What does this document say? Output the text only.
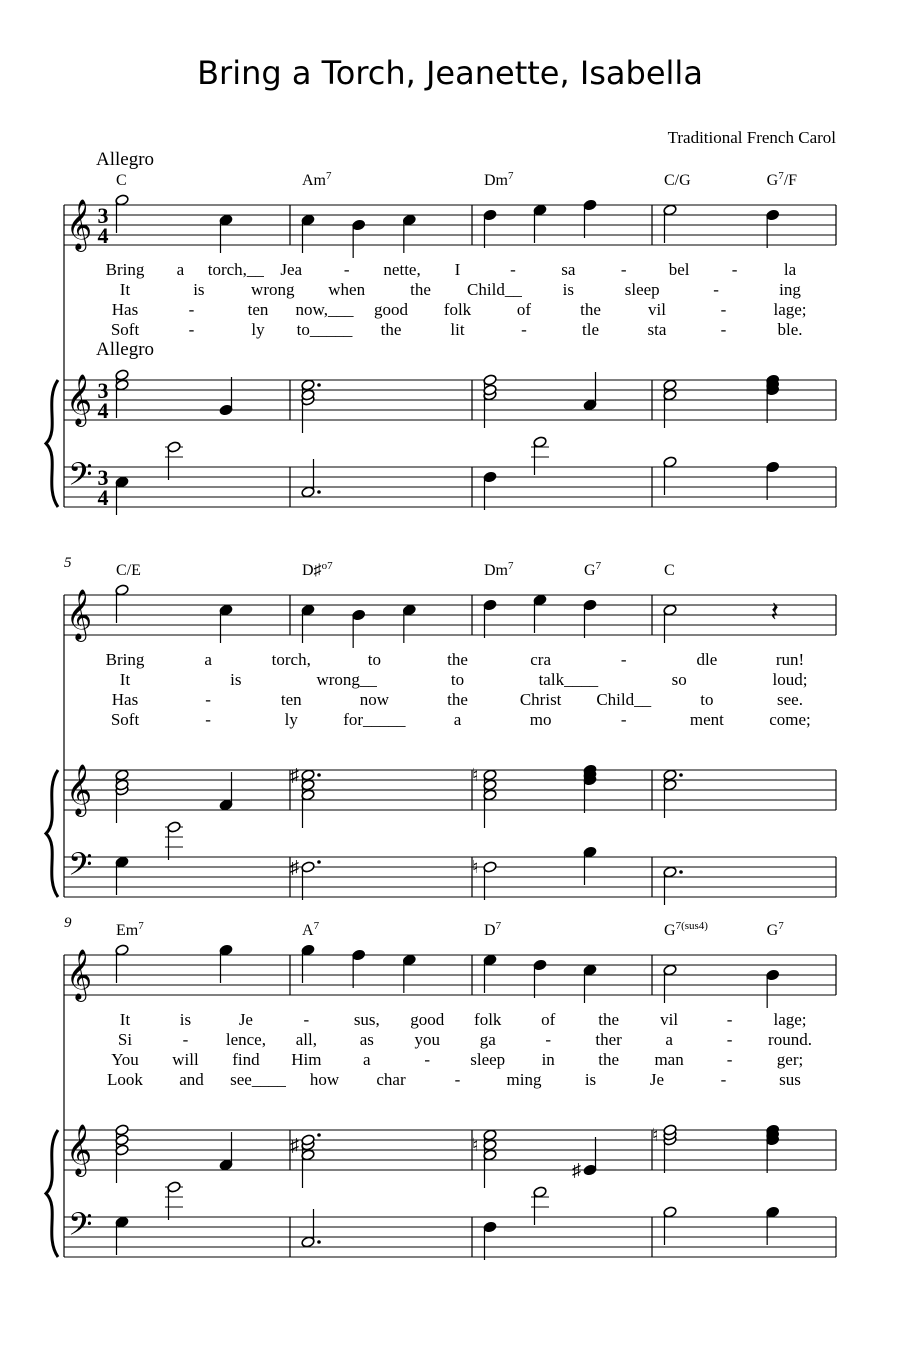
Bring a Torch, Jeanette, Isabella
Traditional French Carol
Allegro
Allegro
C	Am$^7$	Dm$^7$	C/G	$G^7/F$
𝄞
𝄞
𝄢
3
4
3
4
3
4
Bring a torch,__ Jea - nette, I	-	sa	- bel -	la
It	is	wrong when	the Child__ is	sleep	-	ing
Has	-	ten now,___ good folk	of	the	vil	-	lage;
Soft	-	ly to_____ the	lit	-	tle	sta	-	ble.
5	C/E	D♯$^{o7}$	Dm$^7$	$G^7$	C
𝄞
𝄞
𝄢
𝄽
♯	♮
♯	♮
Bring	a	torch,	to	the	cra	-	dle	run!
It	is	wrong__	to	talk____	so	loud;
Has	-	ten	now	the	Christ Child__	to	see.
Soft	-	ly	for_____	a	mo	-	ment	come;
9	Em$^7$	$A^7$	$D^7$	$G^{7(sus4)}$	$G^7$
𝄞
𝄞
𝄢
♯	♮
♯
♮
It	is	Je	-	sus, good folk of	the vil	- lage;
Si	- lence, all,	as you ga	-	ther	a	- round.
You will find Him a	- sleep in	the man	-	ger;
Look and see____ how char	-	ming	is	Je	-	sus
